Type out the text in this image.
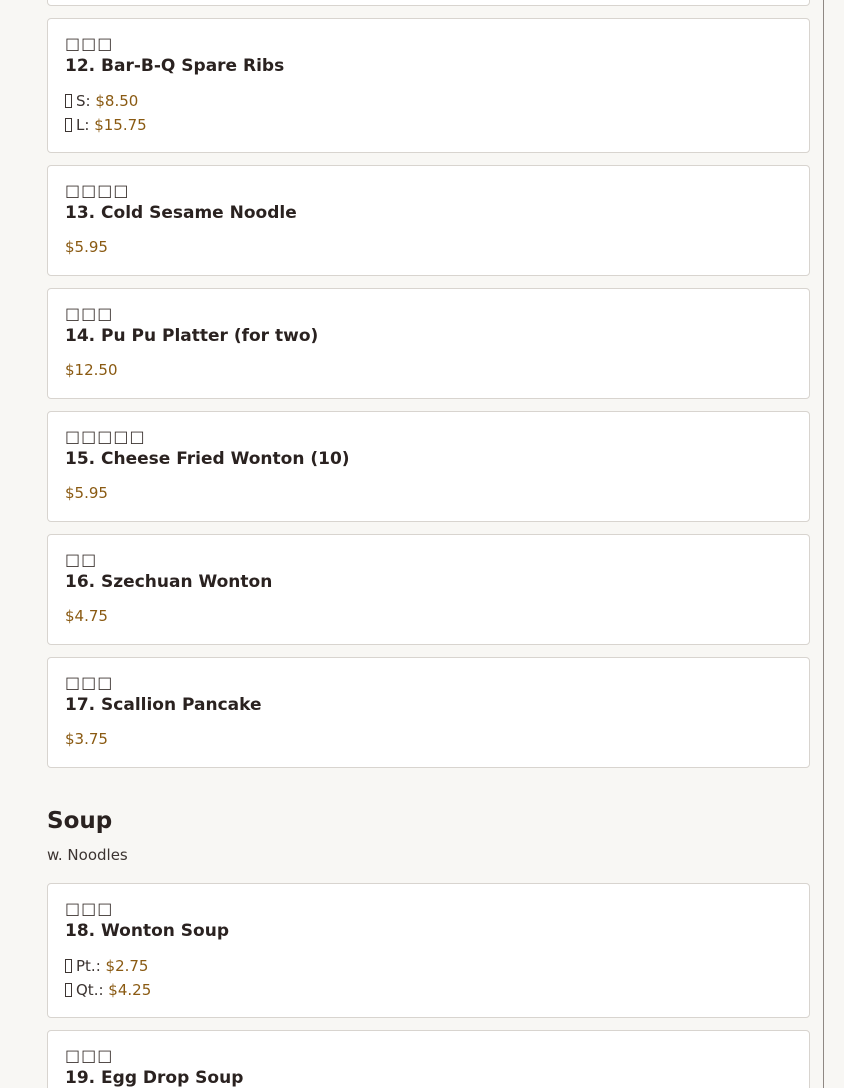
□□□
12. Bar-B-Q Spare Ribs
S: $8.50
L: $15.75
□□□□
13. Cold Sesame Noodle
$5.95
□□□
14. Pu Pu Platter (for two)
$12.50
□□□□□
15. Cheese Fried Wonton (10)
$5.95
□□
16. Szechuan Wonton
$4.75
□□□
17. Scallion Pancake
$3.75
Soup
w. Noodles
□□□
18. Wonton Soup
Pt.: $2.75
Qt.: $4.25
□□□
19. Egg Drop Soup
